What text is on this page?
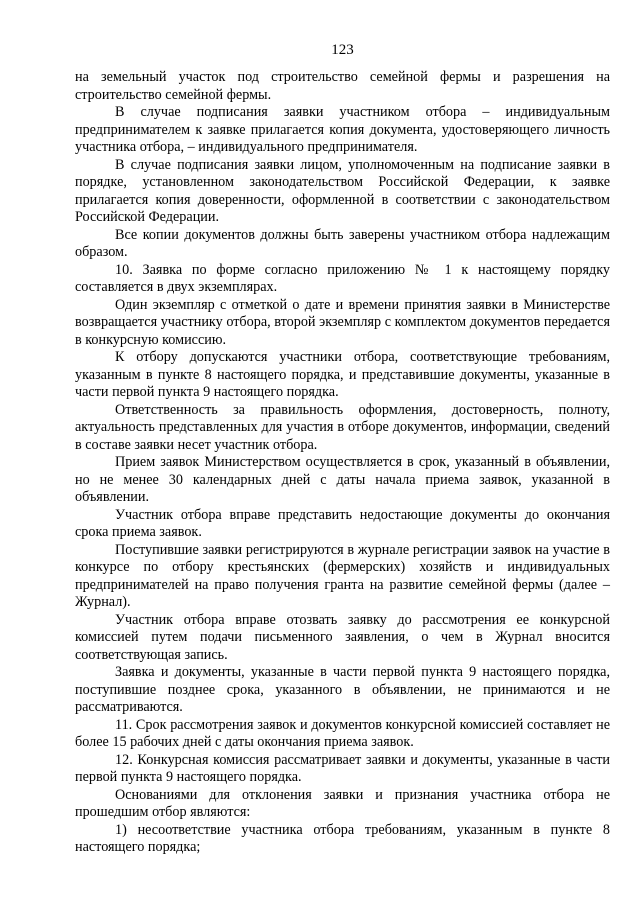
123

на земельный участок под строительство семейной фермы и разрешения на строительство семейной фермы.

В случае подписания заявки участником отбора – индивидуальным предпринимателем к заявке прилагается копия документа, удостоверяющего личность участника отбора, – индивидуального предпринимателя.

В случае подписания заявки лицом, уполномоченным на подписание заявки в порядке, установленном законодательством Российской Федерации, к заявке прилагается копия доверенности, оформленной в соответствии с законодательством Российской Федерации.

Все копии документов должны быть заверены участником отбора надлежащим образом.

10. Заявка по форме согласно приложению № 1 к настоящему порядку составляется в двух экземплярах.

Один экземпляр с отметкой о дате и времени принятия заявки в Министерстве возвращается участнику отбора, второй экземпляр с комплектом документов передается в конкурсную комиссию.

К отбору допускаются участники отбора, соответствующие требованиям, указанным в пункте 8 настоящего порядка, и представившие документы, указанные в части первой пункта 9 настоящего порядка.

Ответственность за правильность оформления, достоверность, полноту, актуальность представленных для участия в отборе документов, информации, сведений в составе заявки несет участник отбора.

Прием заявок Министерством осуществляется в срок, указанный в объявлении, но не менее 30 календарных дней с даты начала приема заявок, указанной в объявлении.

Участник отбора вправе представить недостающие документы до окончания срока приема заявок.

Поступившие заявки регистрируются в журнале регистрации заявок на участие в конкурсе по отбору крестьянских (фермерских) хозяйств и индивидуальных предпринимателей на право получения гранта на развитие семейной фермы (далее – Журнал).

Участник отбора вправе отозвать заявку до рассмотрения ее конкурсной комиссией путем подачи письменного заявления, о чем в Журнал вносится соответствующая запись.

Заявка и документы, указанные в части первой пункта 9 настоящего порядка, поступившие позднее срока, указанного в объявлении, не принимаются и не рассматриваются.

11. Срок рассмотрения заявок и документов конкурсной комиссией составляет не более 15 рабочих дней с даты окончания приема заявок.

12. Конкурсная комиссия рассматривает заявки и документы, указанные в части первой пункта 9 настоящего порядка.

Основаниями для отклонения заявки и признания участника отбора не прошедшим отбор являются:

1) несоответствие участника отбора требованиям, указанным в пункте 8 настоящего порядка;
